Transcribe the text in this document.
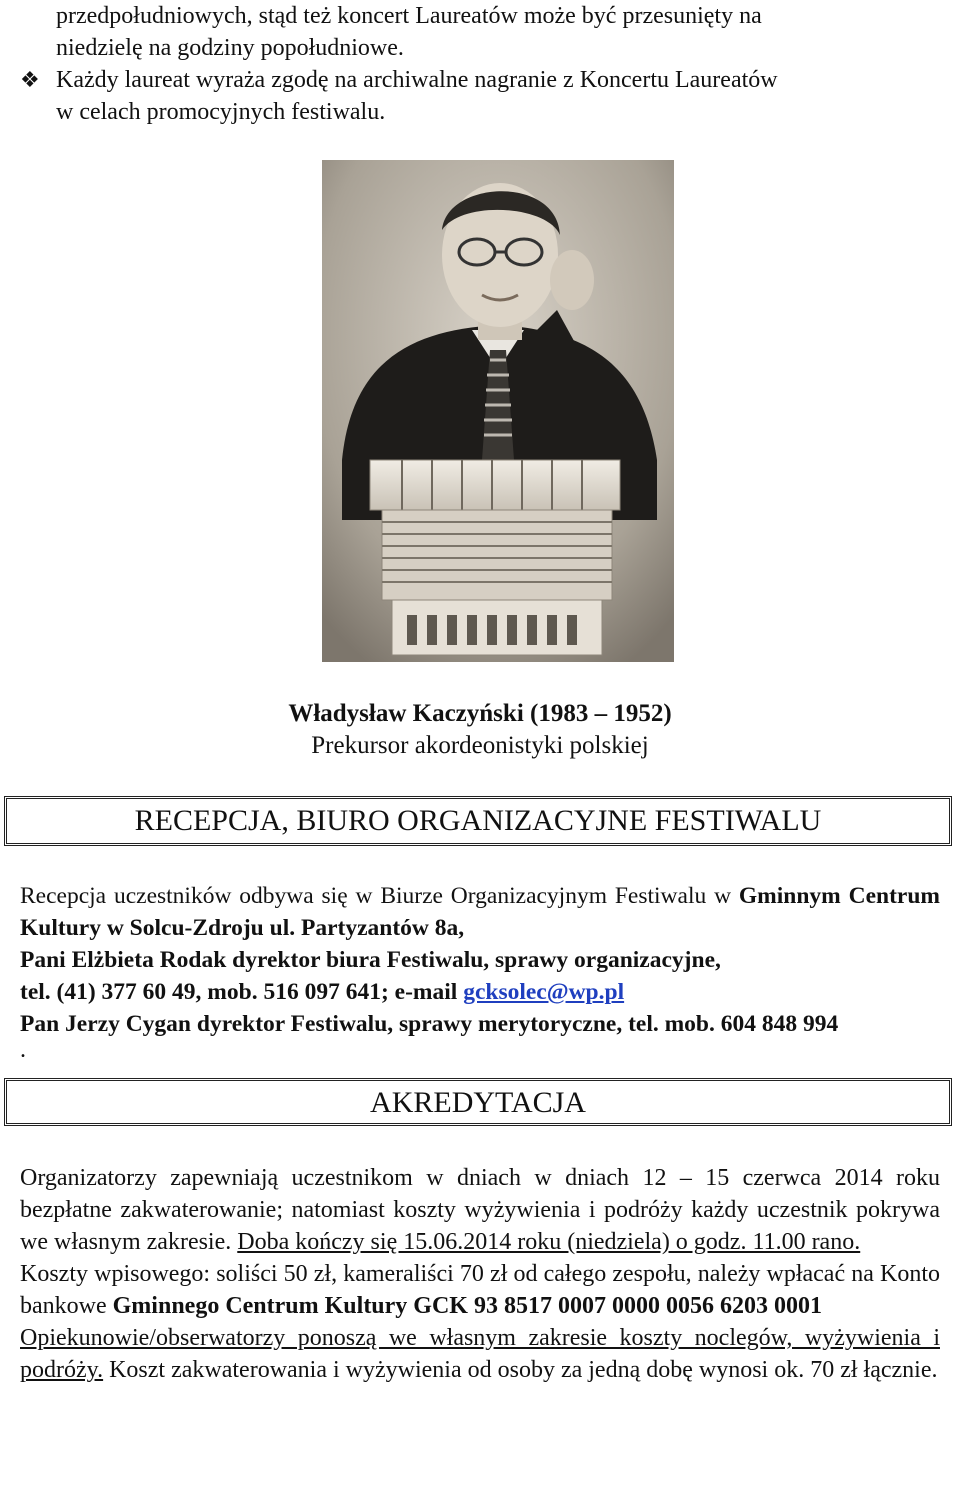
przedpołudniowych, stąd też koncert Laureatów może być przesunięty na

niedzielę na godziny popołudniowe.

❖ Każdy laureat wyraża zgodę na archiwalne nagranie z Koncertu Laureatów

w celach promocyjnych festiwalu.

Władysław Kaczyński (1983 – 1952)
Prekursor akordeonistyki polskiej
RECEPCJA, BIURO ORGANIZACYJNE FESTIWALU

Recepcja uczestników odbywa się w Biurze Organizacyjnym Festiwalu w Gminnym Centrum Kultury w Solcu-Zdroju ul. Partyzantów 8a,

Pani Elżbieta Rodak dyrektor biura Festiwalu, sprawy organizacyjne,

tel. (41) 377 60 49, mob. 516 097 641; e-mail gcksolec@wp.pl

Pan Jerzy Cygan dyrektor Festiwalu, sprawy merytoryczne, tel. mob. 604 848 994

.

AKREDYTACJA

Organizatorzy zapewniają uczestnikom w dniach w dniach 12 – 15 czerwca 2014 roku bezpłatne zakwaterowanie; natomiast koszty wyżywienia i podróży każdy uczestnik pokrywa we własnym zakresie. Doba kończy się 15.06.2014 roku (niedziela) o godz. 11.00 rano.

Koszty wpisowego: soliści 50 zł, kameraliści 70 zł od całego zespołu, należy wpłacać na Konto bankowe Gminnego Centrum Kultury GCK 93 8517 0007 0000 0056 6203 0001

Opiekunowie/obserwatorzy ponoszą we własnym zakresie koszty noclegów, wyżywienia i podróży. Koszt zakwaterowania i wyżywienia od osoby za jedną dobę wynosi ok. 70 zł łącznie.
